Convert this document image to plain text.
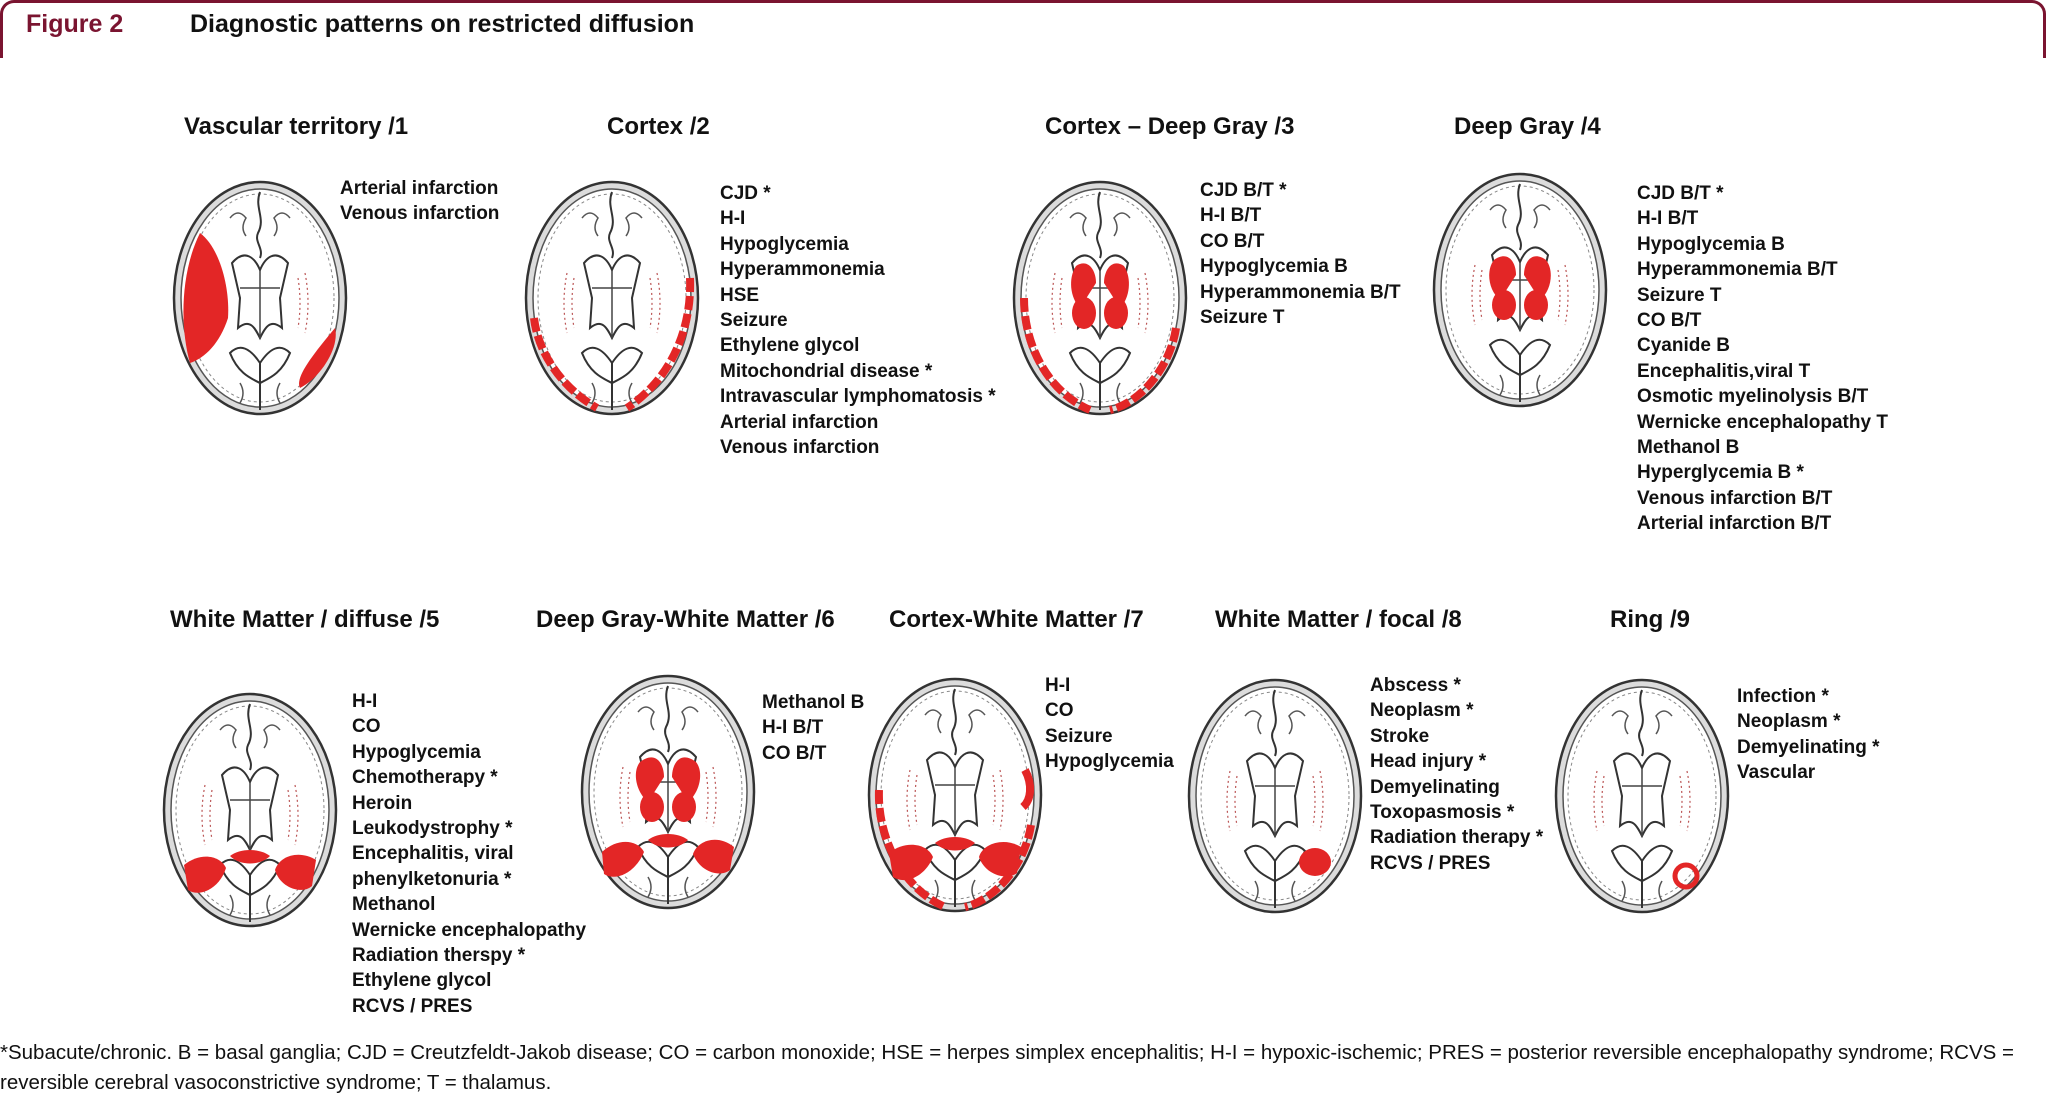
Figure 2	Diagnostic patterns on restricted diffusion
Vascular territory /1
Arterial infarction
Venous infarction
Cortex /2
CJD *
H-I
Hypoglycemia
Hyperammonemia
HSE
Seizure
Ethylene glycol
Mitochondrial disease *
Intravascular lymphomatosis *
Arterial infarction
Venous infarction
Cortex – Deep Gray /3
CJD B/T *
H-I B/T
CO B/T
Hypoglycemia B
Hyperammonemia B/T
Seizure T
Deep Gray /4
CJD B/T *
H-I B/T
Hypoglycemia B
Hyperammonemia B/T
Seizure T
CO B/T
Cyanide B
Encephalitis,viral T
Osmotic myelinolysis B/T
Wernicke encephalopathy T
Methanol B
Hyperglycemia B *
Venous infarction B/T
Arterial infarction B/T
White Matter / diffuse /5
H-I
CO
Hypoglycemia
Chemotherapy *
Heroin
Leukodystrophy *
Encephalitis, viral
phenylketonuria *
Methanol
Wernicke encephalopathy
Radiation therspy *
Ethylene glycol
RCVS / PRES
Deep Gray-White Matter /6
Methanol B
H-I B/T
CO B/T
Cortex-White Matter /7
H-I
CO
Seizure
Hypoglycemia
White Matter / focal /8
Abscess *
Neoplasm *
Stroke
Head injury *
Demyelinating
Toxopasmosis *
Radiation therapy *
RCVS / PRES
Ring /9
Infection *
Neoplasm *
Demyelinating *
Vascular
*Subacute/chronic. B = basal ganglia; CJD = Creutzfeldt-Jakob disease; CO = carbon monoxide; HSE = herpes simplex encephalitis; H-I = hypoxic-ischemic; PRES = posterior reversible encephalopathy syndrome; RCVS = reversible cerebral vasoconstrictive syndrome; T = thalamus.
